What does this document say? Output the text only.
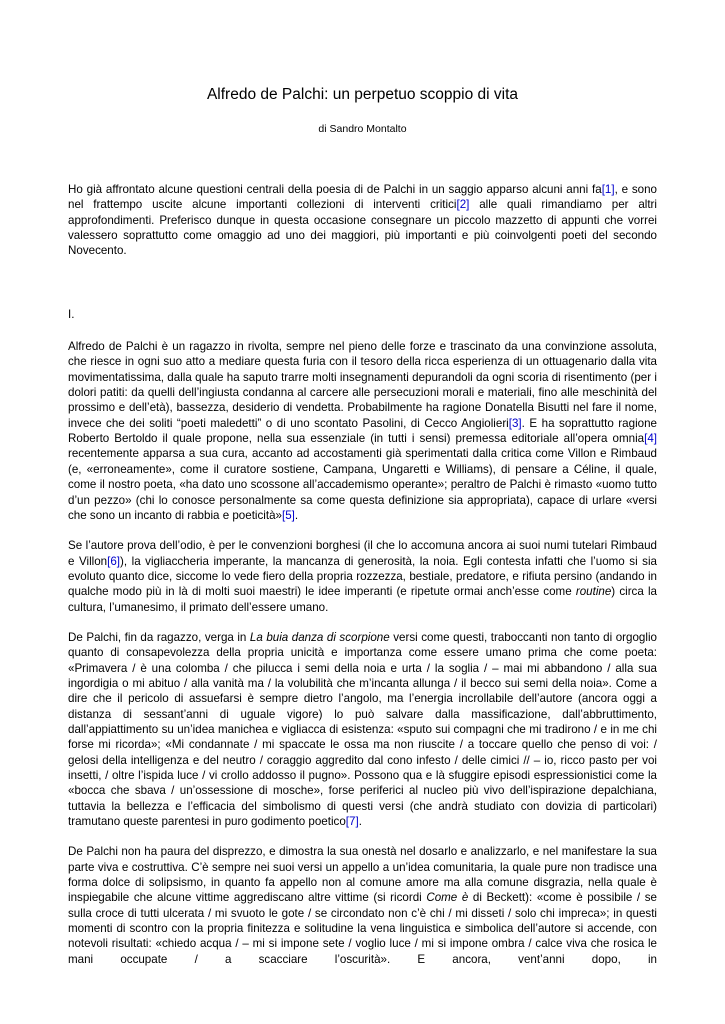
Alfredo de Palchi: un perpetuo scoppio di vita
di Sandro Montalto

Ho già affrontato alcune questioni centrali della poesia di de Palchi in un saggio apparso alcuni anni fa[1], e sono nel frattempo uscite alcune importanti collezioni di interventi critici[2] alle quali rimandiamo per altri approfondimenti. Preferisco dunque in questa occasione consegnare un piccolo mazzetto di appunti che vorrei valessero soprattutto come omaggio ad uno dei maggiori, più importanti e più coinvolgenti poeti del secondo Novecento.

I.

Alfredo de Palchi è un ragazzo in rivolta, sempre nel pieno delle forze e trascinato da una convinzione assoluta, che riesce in ogni suo atto a mediare questa furia con il tesoro della ricca esperienza di un ottuagenario dalla vita movimentatissima, dalla quale ha saputo trarre molti insegnamenti depurandoli da ogni scoria di risentimento (per i dolori patiti: da quelli dell’ingiusta condanna al carcere alle persecuzioni morali e materiali, fino alle meschinità del prossimo e dell’età), bassezza, desiderio di vendetta. Probabilmente ha ragione Donatella Bisutti nel fare il nome, invece che dei soliti “poeti maledetti” o di uno scontato Pasolini, di Cecco Angiolieri[3]. E ha soprattutto ragione Roberto Bertoldo il quale propone, nella sua essenziale (in tutti i sensi) premessa editoriale all’opera omnia[4] recentemente apparsa a sua cura, accanto ad accostamenti già sperimentati dalla critica come Villon e Rimbaud (e, «erroneamente», come il curatore sostiene, Campana, Ungaretti e Williams), di pensare a Céline, il quale, come il nostro poeta, «ha dato uno scossone all’accademismo operante»; peraltro de Palchi è rimasto «uomo tutto d’un pezzo» (chi lo conosce personalmente sa come questa definizione sia appropriata), capace di urlare «versi che sono un incanto di rabbia e poeticità»[5].

Se l’autore prova dell’odio, è per le convenzioni borghesi (il che lo accomuna ancora ai suoi numi tutelari Rimbaud e Villon[6]), la vigliaccheria imperante, la mancanza di generosità, la noia. Egli contesta infatti che l’uomo si sia evoluto quanto dice, siccome lo vede fiero della propria rozzezza, bestiale, predatore, e rifiuta persino (andando in qualche modo più in là di molti suoi maestri) le idee imperanti (e ripetute ormai anch’esse come routine) circa la cultura, l’umanesimo, il primato dell’essere umano.

De Palchi, fin da ragazzo, verga in La buia danza di scorpione versi come questi, traboccanti non tanto di orgoglio quanto di consapevolezza della propria unicità e importanza come essere umano prima che come poeta: «Primavera / è una colomba / che pilucca i semi della noia e urta / la soglia / – mai mi abbandono / alla sua ingordigia o mi abituo / alla vanità ma / la volubilità che m’incanta allunga / il becco sui semi della noia». Come a dire che il pericolo di assuefarsi è sempre dietro l’angolo, ma l’energia incrollabile dell’autore (ancora oggi a distanza di sessant’anni di uguale vigore) lo può salvare dalla massificazione, dall’abbruttimento, dall’appiattimento su un’idea manichea e vigliacca di esistenza: «sputo sui compagni che mi tradirono / e in me chi forse mi ricorda»; «Mi condannate / mi spaccate le ossa ma non riuscite / a toccare quello che penso di voi: / gelosi della intelligenza e del neutro / coraggio aggredito dal cono infesto / delle cimici // – io, ricco pasto per voi insetti, / oltre l’ispida luce / vi crollo addosso il pugno». Possono qua e là sfuggire episodi espressionistici come la «bocca che sbava / un’ossessione di mosche», forse periferici al nucleo più vivo dell’ispirazione depalchiana, tuttavia la bellezza e l’efficacia del simbolismo di questi versi (che andrà studiato con dovizia di particolari) tramutano queste parentesi in puro godimento poetico[7].

De Palchi non ha paura del disprezzo, e dimostra la sua onestà nel dosarlo e analizzarlo, e nel manifestare la sua parte viva e costruttiva. C’è sempre nei suoi versi un appello a un’idea comunitaria, la quale pure non tradisce una forma dolce di solipsismo, in quanto fa appello non al comune amore ma alla comune disgrazia, nella quale è inspiegabile che alcune vittime aggrediscano altre vittime (si ricordi Come è di Beckett): «come è possibile / se sulla croce di tutti ulcerata / mi svuoto le gote / se circondato non c’è chi / mi disseti / solo chi impreca»; in questi momenti di scontro con la propria finitezza e solitudine la vena linguistica e simbolica dell’autore si accende, con notevoli risultati: «chiedo acqua / – mi si impone sete / voglio luce / mi si impone ombra / calce viva che rosica le mani occupate / a scacciare l’oscurità». E ancora, vent’anni dopo, in
